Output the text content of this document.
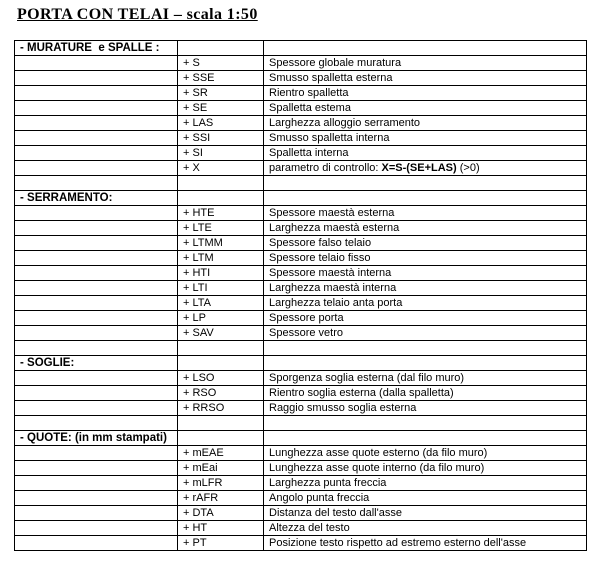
PORTA CON TELAI – scala 1:50
- MURATURE  e SPALLE :		
	+ S	Spessore globale muratura
	+ SSE	Smusso spalletta esterna
	+ SR	Rientro spalletta
	+ SE	Spalletta estema
	+ LAS	Larghezza alloggio serramento
	+ SSI	Smusso spalletta interna
	+ SI	Spalletta interna
	+ X	parametro di controllo: X=S-(SE+LAS) (>0)

- SERRAMENTO:		
	+ HTE	Spessore maestà esterna
	+ LTE	Larghezza maestà esterna
	+ LTMM	Spessore falso telaio
	+ LTM	Spessore telaio fisso
	+ HTI	Spessore maestà interna
	+ LTI	Larghezza maestà interna
	+ LTA	Larghezza telaio anta porta
	+ LP	Spessore porta
	+ SAV	Spessore vetro

- SOGLIE:		
	+ LSO	Sporgenza soglia esterna (dal filo muro)
	+ RSO	Rientro soglia esterna (dalla spalletta)
	+ RRSO	Raggio smusso soglia esterna

- QUOTE: (in mm stampati)		
	+ mEAE	Lunghezza asse quote esterno (da filo muro)
	+ mEai	Lunghezza asse quote interno (da filo muro)
	+ mLFR	Larghezza punta freccia
	+ rAFR	Angolo punta freccia
	+ DTA	Distanza del testo dall'asse
	+ HT	Altezza del testo
	+ PT	Posizione testo rispetto ad estremo esterno dell'asse
